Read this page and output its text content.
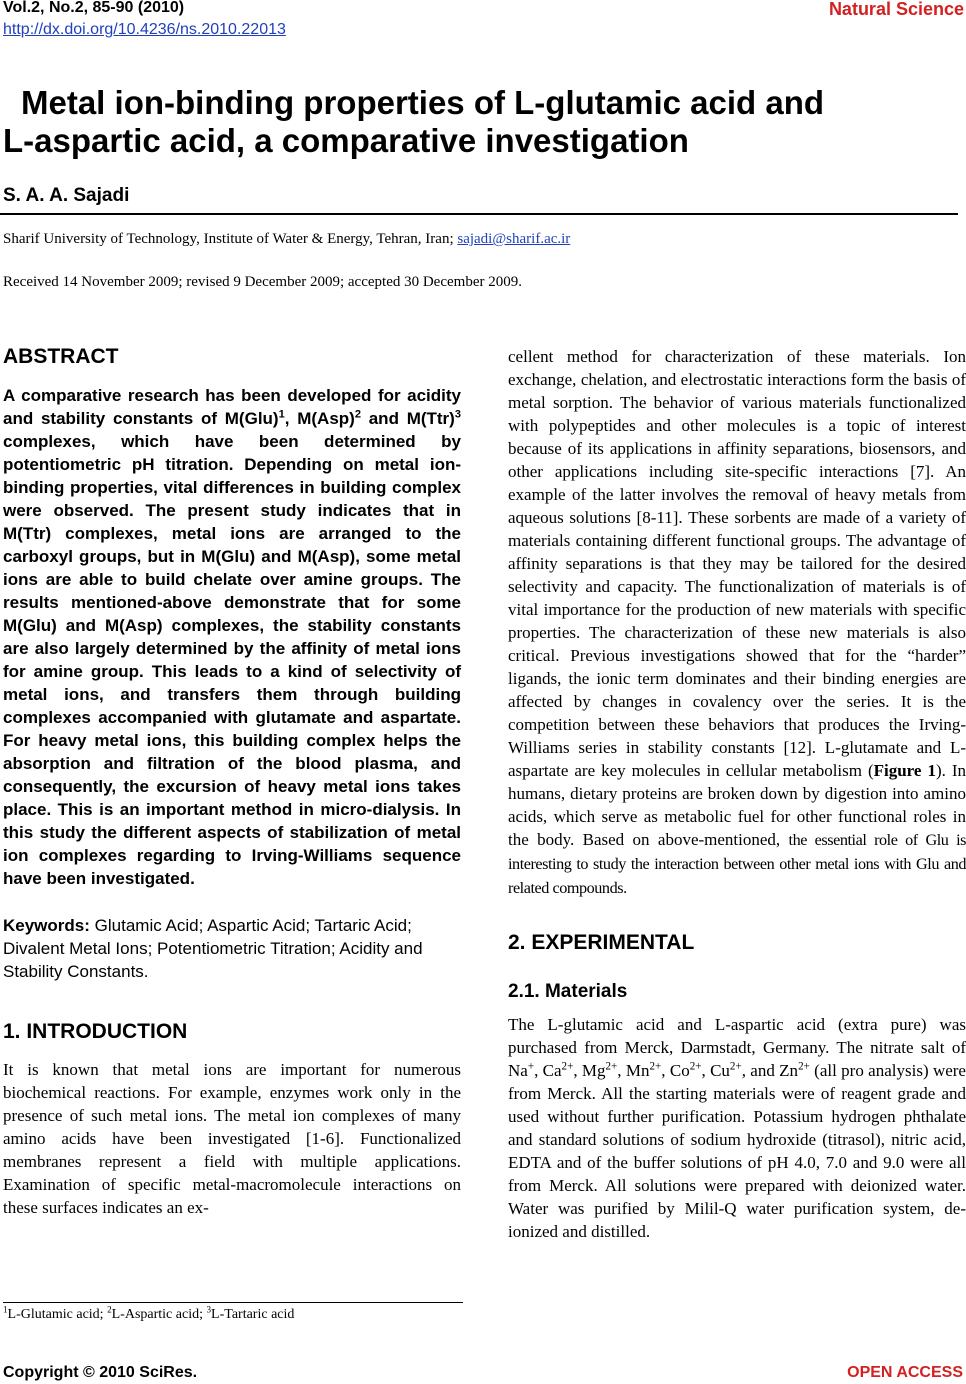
Vol.2, No.2, 85-90 (2010)
http://dx.doi.org/10.4236/ns.2010.22013
Natural Science
Metal ion-binding properties of L-glutamic acid and
L-aspartic acid, a comparative investigation
S. A. A. Sajadi
Sharif University of Technology, Institute of Water & Energy, Tehran, Iran; sajadi@sharif.ac.ir
Received 14 November 2009; revised 9 December 2009; accepted 30 December 2009.
ABSTRACT

A comparative research has been developed for acidity and stability constants of M(Glu)$^1$, M(Asp)$^2$ and M(Ttr)$^3$ complexes, which have been determined by potentiometric pH titration. Depending on metal ion-binding properties, vital differences in building complex were observed. The present study indicates that in M(Ttr) complexes, metal ions are arranged to the carboxyl groups, but in M(Glu) and M(Asp), some metal ions are able to build chelate over amine groups. The results mentioned-above demonstrate that for some M(Glu) and M(Asp) complexes, the stability constants are also largely determined by the affinity of metal ions for amine group. This leads to a kind of selectivity of metal ions, and transfers them through building complexes accompanied with glutamate and aspartate. For heavy metal ions, this building complex helps the absorption and filtration of the blood plasma, and consequently, the excursion of heavy metal ions takes place. This is an important method in micro-dialysis. In this study the different aspects of stabilization of metal ion complexes regarding to Irving-Williams sequence have been investigated.

Keywords: Glutamic Acid; Aspartic Acid; Tartaric Acid; Divalent Metal Ions; Potentiometric Titration; Acidity and Stability Constants.

1. INTRODUCTION

It is known that metal ions are important for numerous biochemical reactions. For example, enzymes work only in the presence of such metal ions. The metal ion complexes of many amino acids have been investigated [1-6]. Functionalized membranes represent a field with multiple applications. Examination of specific metal-macromolecule interactions on these surfaces indicates an ex-

cellent method for characterization of these materials. Ion exchange, chelation, and electrostatic interactions form the basis of metal sorption. The behavior of various materials functionalized with polypeptides and other molecules is a topic of interest because of its applications in affinity separations, biosensors, and other applications including site-specific interactions [7]. An example of the latter involves the removal of heavy metals from aqueous solutions [8-11]. These sorbents are made of a variety of materials containing different functional groups. The advantage of affinity separations is that they may be tailored for the desired selectivity and capacity. The functionalization of materials is of vital importance for the production of new materials with specific properties. The characterization of these new materials is also critical. Previous investigations showed that for the “harder” ligands, the ionic term dominates and their binding energies are affected by changes in covalency over the series. It is the competition between these behaviors that produces the Irving-Williams series in stability constants [12]. L-glutamate and L-aspartate are key molecules in cellular metabolism (Figure 1). In humans, dietary proteins are broken down by digestion into amino acids, which serve as metabolic fuel for other functional roles in the body. Based on above-mentioned, the essential role of Glu is interesting to study the interaction between other metal ions with Glu and related compounds.

2. EXPERIMENTAL
2.1. Materials

The L-glutamic acid and L-aspartic acid (extra pure) was purchased from Merck, Darmstadt, Germany. The nitrate salt of Na+, $Ca^{2+}$, $Mg^{2+}$, $Mn^{2+}$, $Co^{2+}$, $Cu^{2+}$, and $Zn^{2+}$ (all pro analysis) were from Merck. All the starting materials were of reagent grade and used without further purification. Potassium hydrogen phthalate and standard solutions of sodium hydroxide (titrasol), nitric acid, EDTA and of the buffer solutions of pH 4.0, 7.0 and 9.0 were all from Merck. All solutions were prepared with deionized water. Water was purified by Milil-Q water purification system, de-ionized and distilled.

$^1$L-Glutamic acid; $^2$L-Aspartic acid; $^3$L-Tartaric acid
Copyright © 2010 SciRes.	OPEN ACCESS
